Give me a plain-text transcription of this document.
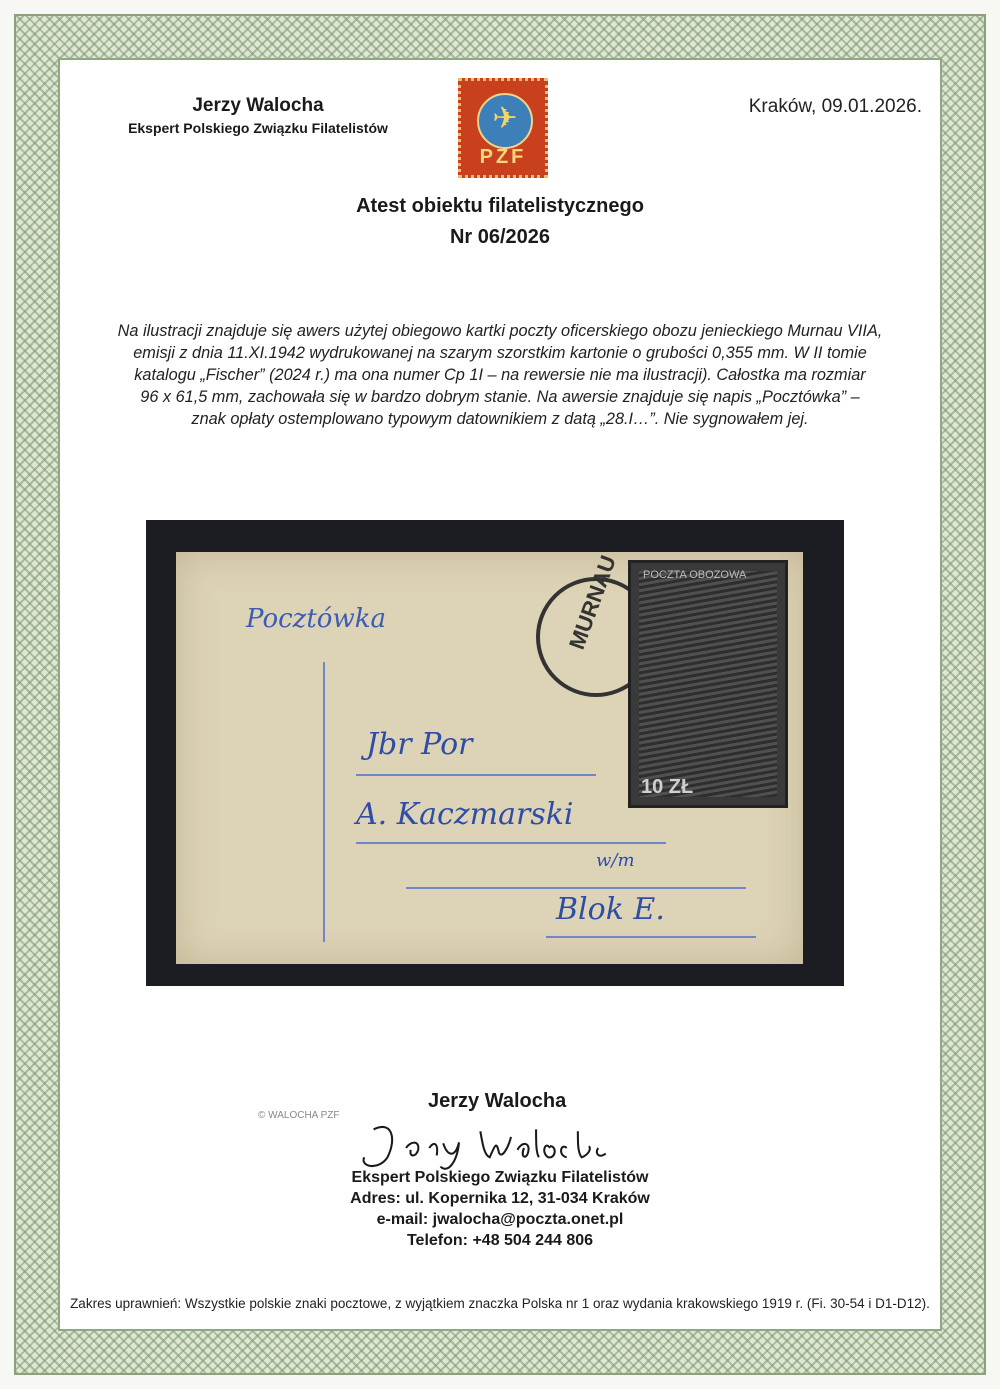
Jerzy Walocha
Ekspert Polskiego Związku Filatelistów
Kraków, 09.01.2026.
✈
PZF
Atest obiektu filatelistycznego
Nr 06/2026
Na ilustracji znajduje się awers użytej obiegowo kartki poczty oficerskiego obozu jenieckiego Murnau VIIA,
emisji z dnia 11.XI.1942 wydrukowanej na szarym szorstkim kartonie o grubości 0,355 mm. W II tomie
katalogu „Fischer” (2024 r.) ma ona numer Cp 1I – na rewersie nie ma ilustracji). Całostka ma rozmiar
96 x 61,5 mm, zachowała się w bardzo dobrym stanie. Na awersie znajduje się napis „Pocztówka” –
znak opłaty ostemplowano typowym datownikiem z datą „28.I…”. Nie sygnowałem jej.
Pocztówka
Jbr Por
A. Kaczmarski
w/m
Blok E.
MURNAU POCZTA OBOZOWA
10 ZŁ
© WALOCHA PZF
Jerzy Walocha
Ekspert Polskiego Związku Filatelistów
Adres: ul. Kopernika 12, 31-034 Kraków
e-mail: jwalocha@poczta.onet.pl
Telefon: +48 504 244 806
Zakres uprawnień: Wszystkie polskie znaki pocztowe, z wyjątkiem znaczka Polska nr 1 oraz wydania krakowskiego 1919 r. (Fi. 30-54 i D1-D12).
